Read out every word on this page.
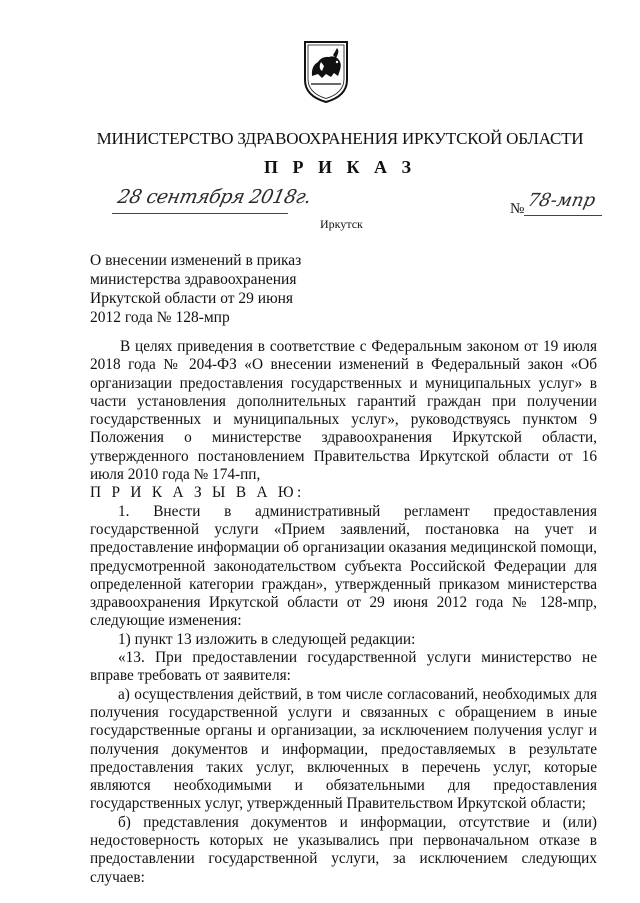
МИНИСТЕРСТВО ЗДРАВООХРАНЕНИЯ ИРКУТСКОЙ ОБЛАСТИ
П Р И К А З
28 сентября 2018г.
№ 78-мпр
Иркутск
О внесении изменений в приказ
министерства здравоохранения
Иркутской области от 29 июня
2012 года № 128-мпр

В целях приведения в соответствие с Федеральным законом от 19 июля 2018 года № 204-ФЗ «О внесении изменений в Федеральный закон «Об организации предоставления государственных и муниципальных услуг» в части установления дополнительных гарантий граждан при получении государственных и муниципальных услуг», руководствуясь пунктом 9 Положения о министерстве здравоохранения Иркутской области, утвержденного постановлением Правительства Иркутской области от 16 июля 2010 года № 174-пп,

П Р И К А З Ы В А Ю:

1. Внести в административный регламент предоставления государственной услуги «Прием заявлений, постановка на учет и предоставление информации об организации оказания медицинской помощи, предусмотренной законодательством субъекта Российской Федерации для определенной категории граждан», утвержденный приказом министерства здравоохранения Иркутской области от 29 июня 2012 года № 128-мпр, следующие изменения:

1) пункт 13 изложить в следующей редакции:

«13. При предоставлении государственной услуги министерство не вправе требовать от заявителя:

а) осуществления действий, в том числе согласований, необходимых для получения государственной услуги и связанных с обращением в иные государственные органы и организации, за исключением получения услуг и получения документов и информации, предоставляемых в результате предоставления таких услуг, включенных в перечень услуг, которые являются необходимыми и обязательными для предоставления государственных услуг, утвержденный Правительством Иркутской области;

б) представления документов и информации, отсутствие и (или) недостоверность которых не указывались при первоначальном отказе в предоставлении государственной услуги, за исключением следующих случаев:
